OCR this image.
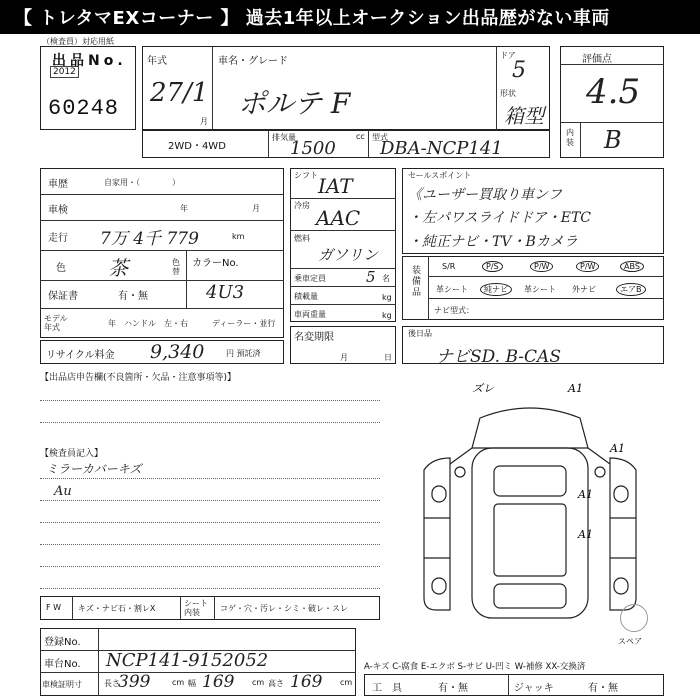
【 トレタマEXコーナー 】 過去1年以上オークション出品歴がない車両
（検査員）対応用紙
出品No.
2012
60248
年式
27/1
月
車名・グレード
ポルテ F
ドア
5
形状
箱型
2WD・4WD
排気量	cc
1500
型式
DBA-NCP141
評価点
4.5
内装 B
車歴	自家用・（　　　　）
車検	年	月
走行 7万 4千 779	km
色 茶	色替
カラーNo.
4U3
保証書	有・無
モデル年式	年　ハンドル　左・右	ディーラー・並行
リサイクル料金 9,340	円 預託済
シフト IAT
冷房
AAC
燃料
ガソリン
乗車定員	5 名
積載量	kg
車両重量	kg
名変期限
月	日
セールスポイント
《ユーザー買取り車ンフ
・左パワスライドドア・ETC
・純正ナビ・TV・Bカメラ
装備品
S/R	P/S	P/W	P/W	ABS
革シート	純ナビ	革シート 外ナビ	エアB
ナビ型式：
後日品
ナビSD. B-CAS
【出品店申告欄(不良箇所・欠品・注意事項等)】
【検査員記入】
ミラーカバーキズ
Au
ズレ	A1
A1
A1
A1
スペア
F W キズ・ナビ石・割レX
シート内装	コゲ・穴・汚レ・シミ・破レ・スレ
登録No.
車台No. NCP141-9152052
車検証明寸	長さ
399	cm 幅 169 cm 高さ 169 cm
A-キズ C-腐食 E-エクボ S-サビ U-凹ミ W-補修 XX-交換済
工　具	有・無	ジャッキ	有・無
